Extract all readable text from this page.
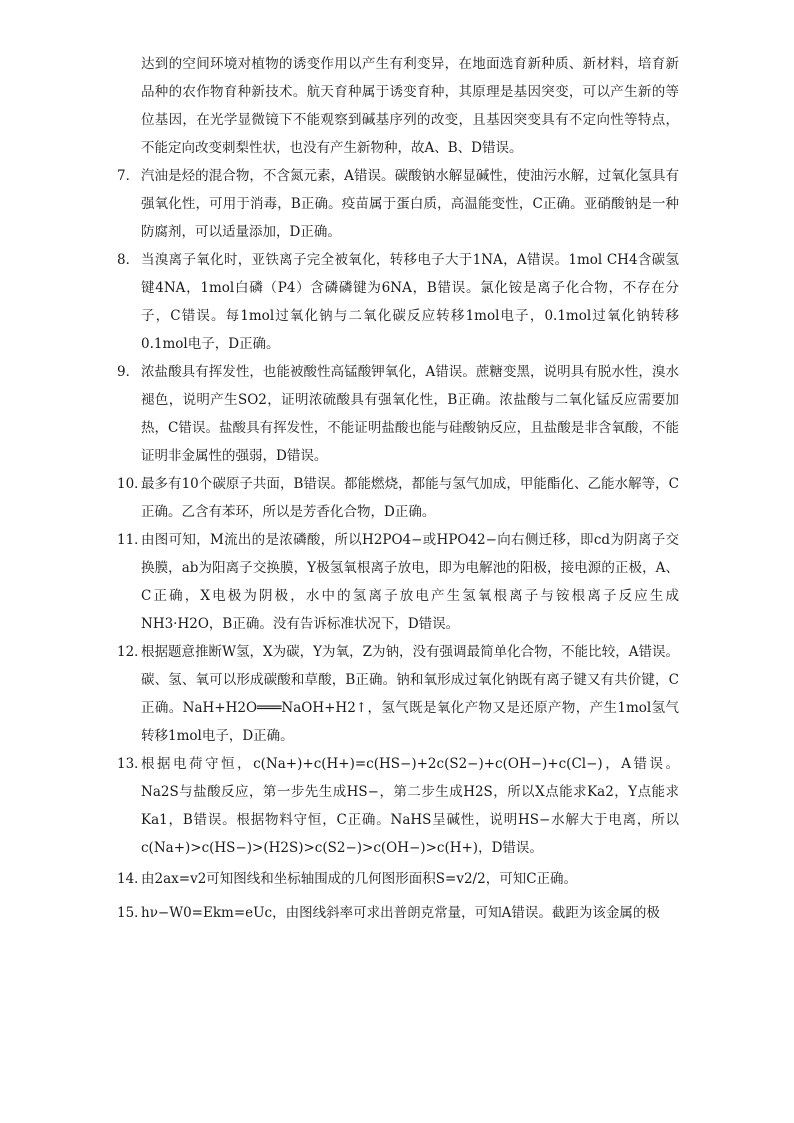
达到的空间环境对植物的诱变作用以产生有利变异，在地面选育新种质、新材料，培育新品种的农作物育种新技术。航天育种属于诱变育种，其原理是基因突变，可以产生新的等位基因，在光学显微镜下不能观察到碱基序列的改变，且基因突变具有不定向性等特点，不能定向改变刺梨性状，也没有产生新物种，故A、B、D错误。

7． 汽油是烃的混合物，不含氮元素，A错误。碳酸钠水解显碱性，使油污水解，过氧化氢具有强氧化性，可用于消毒，B正确。疫苗属于蛋白质，高温能变性，C正确。亚硝酸钠是一种防腐剂，可以适量添加，D正确。
8． 当溴离子氧化时，亚铁离子完全被氧化，转移电子大于1NA，A错误。1mol CH4含碳氢键4NA，1mol白磷（P4）含磷磷键为6NA，B错误。氯化铵是离子化合物，不存在分子，C错误。每1mol过氧化钠与二氧化碳反应转移1mol电子，0.1mol过氧化钠转移0.1mol电子，D正确。
9． 浓盐酸具有挥发性，也能被酸性高锰酸钾氧化，A错误。蔗糖变黑，说明具有脱水性，溴水褪色，说明产生SO2，证明浓硫酸具有强氧化性，B正确。浓盐酸与二氧化锰反应需要加热，C错误。盐酸具有挥发性，不能证明盐酸也能与硅酸钠反应，且盐酸是非含氧酸，不能证明非金属性的强弱，D错误。
10．
最多有10个碳原子共面，B错误。都能燃烧，都能与氢气加成，甲能酯化、乙能水解等，C正确。乙含有苯环，所以是芳香化合物，D正确。
11．
由图可知，M流出的是浓磷酸，所以H2PO4−或HPO42−向右侧迁移，即cd为阴离子交换膜，ab为阳离子交换膜，Y极氢氧根离子放电，即为电解池的阳极，接电源的正极，A、C正确，X电极为阴极，水中的氢离子放电产生氢氧根离子与铵根离子反应生成NH3·H2O，B正确。没有告诉标准状况下，D错误。
12．
根据题意推断W氢，X为碳，Y为氧，Z为钠，没有强调最简单化合物，不能比较，A错误。碳、氢、氧可以形成碳酸和草酸，B正确。钠和氧形成过氧化钠既有离子键又有共价键，C正确。NaH+H2O═══NaOH+H2↑，氢气既是氧化产物又是还原产物，产生1mol氢气转移1mol电子，D正确。
13．
根据电荷守恒，c(Na+)+c(H+)=c(HS−)+2c(S2−)+c(OH−)+c(Cl−)，A错误。Na2S与盐酸反应，第一步先生成HS−，第二步生成H2S，所以X点能求Ka2，Y点能求Ka1，B错误。根据物料守恒，C正确。NaHS呈碱性，说明HS−水解大于电离，所以c(Na+)>c(HS−)>(H2S)>c(S2−)>c(OH−)>c(H+)，D错误。
14．
由2ax=v2可知图线和坐标轴围成的几何图形面积S=v2/2，可知C正确。
15．
hν−W0=Ekm=eUc，由图线斜率可求出普朗克常量，可知A错误。截距为该金属的极
